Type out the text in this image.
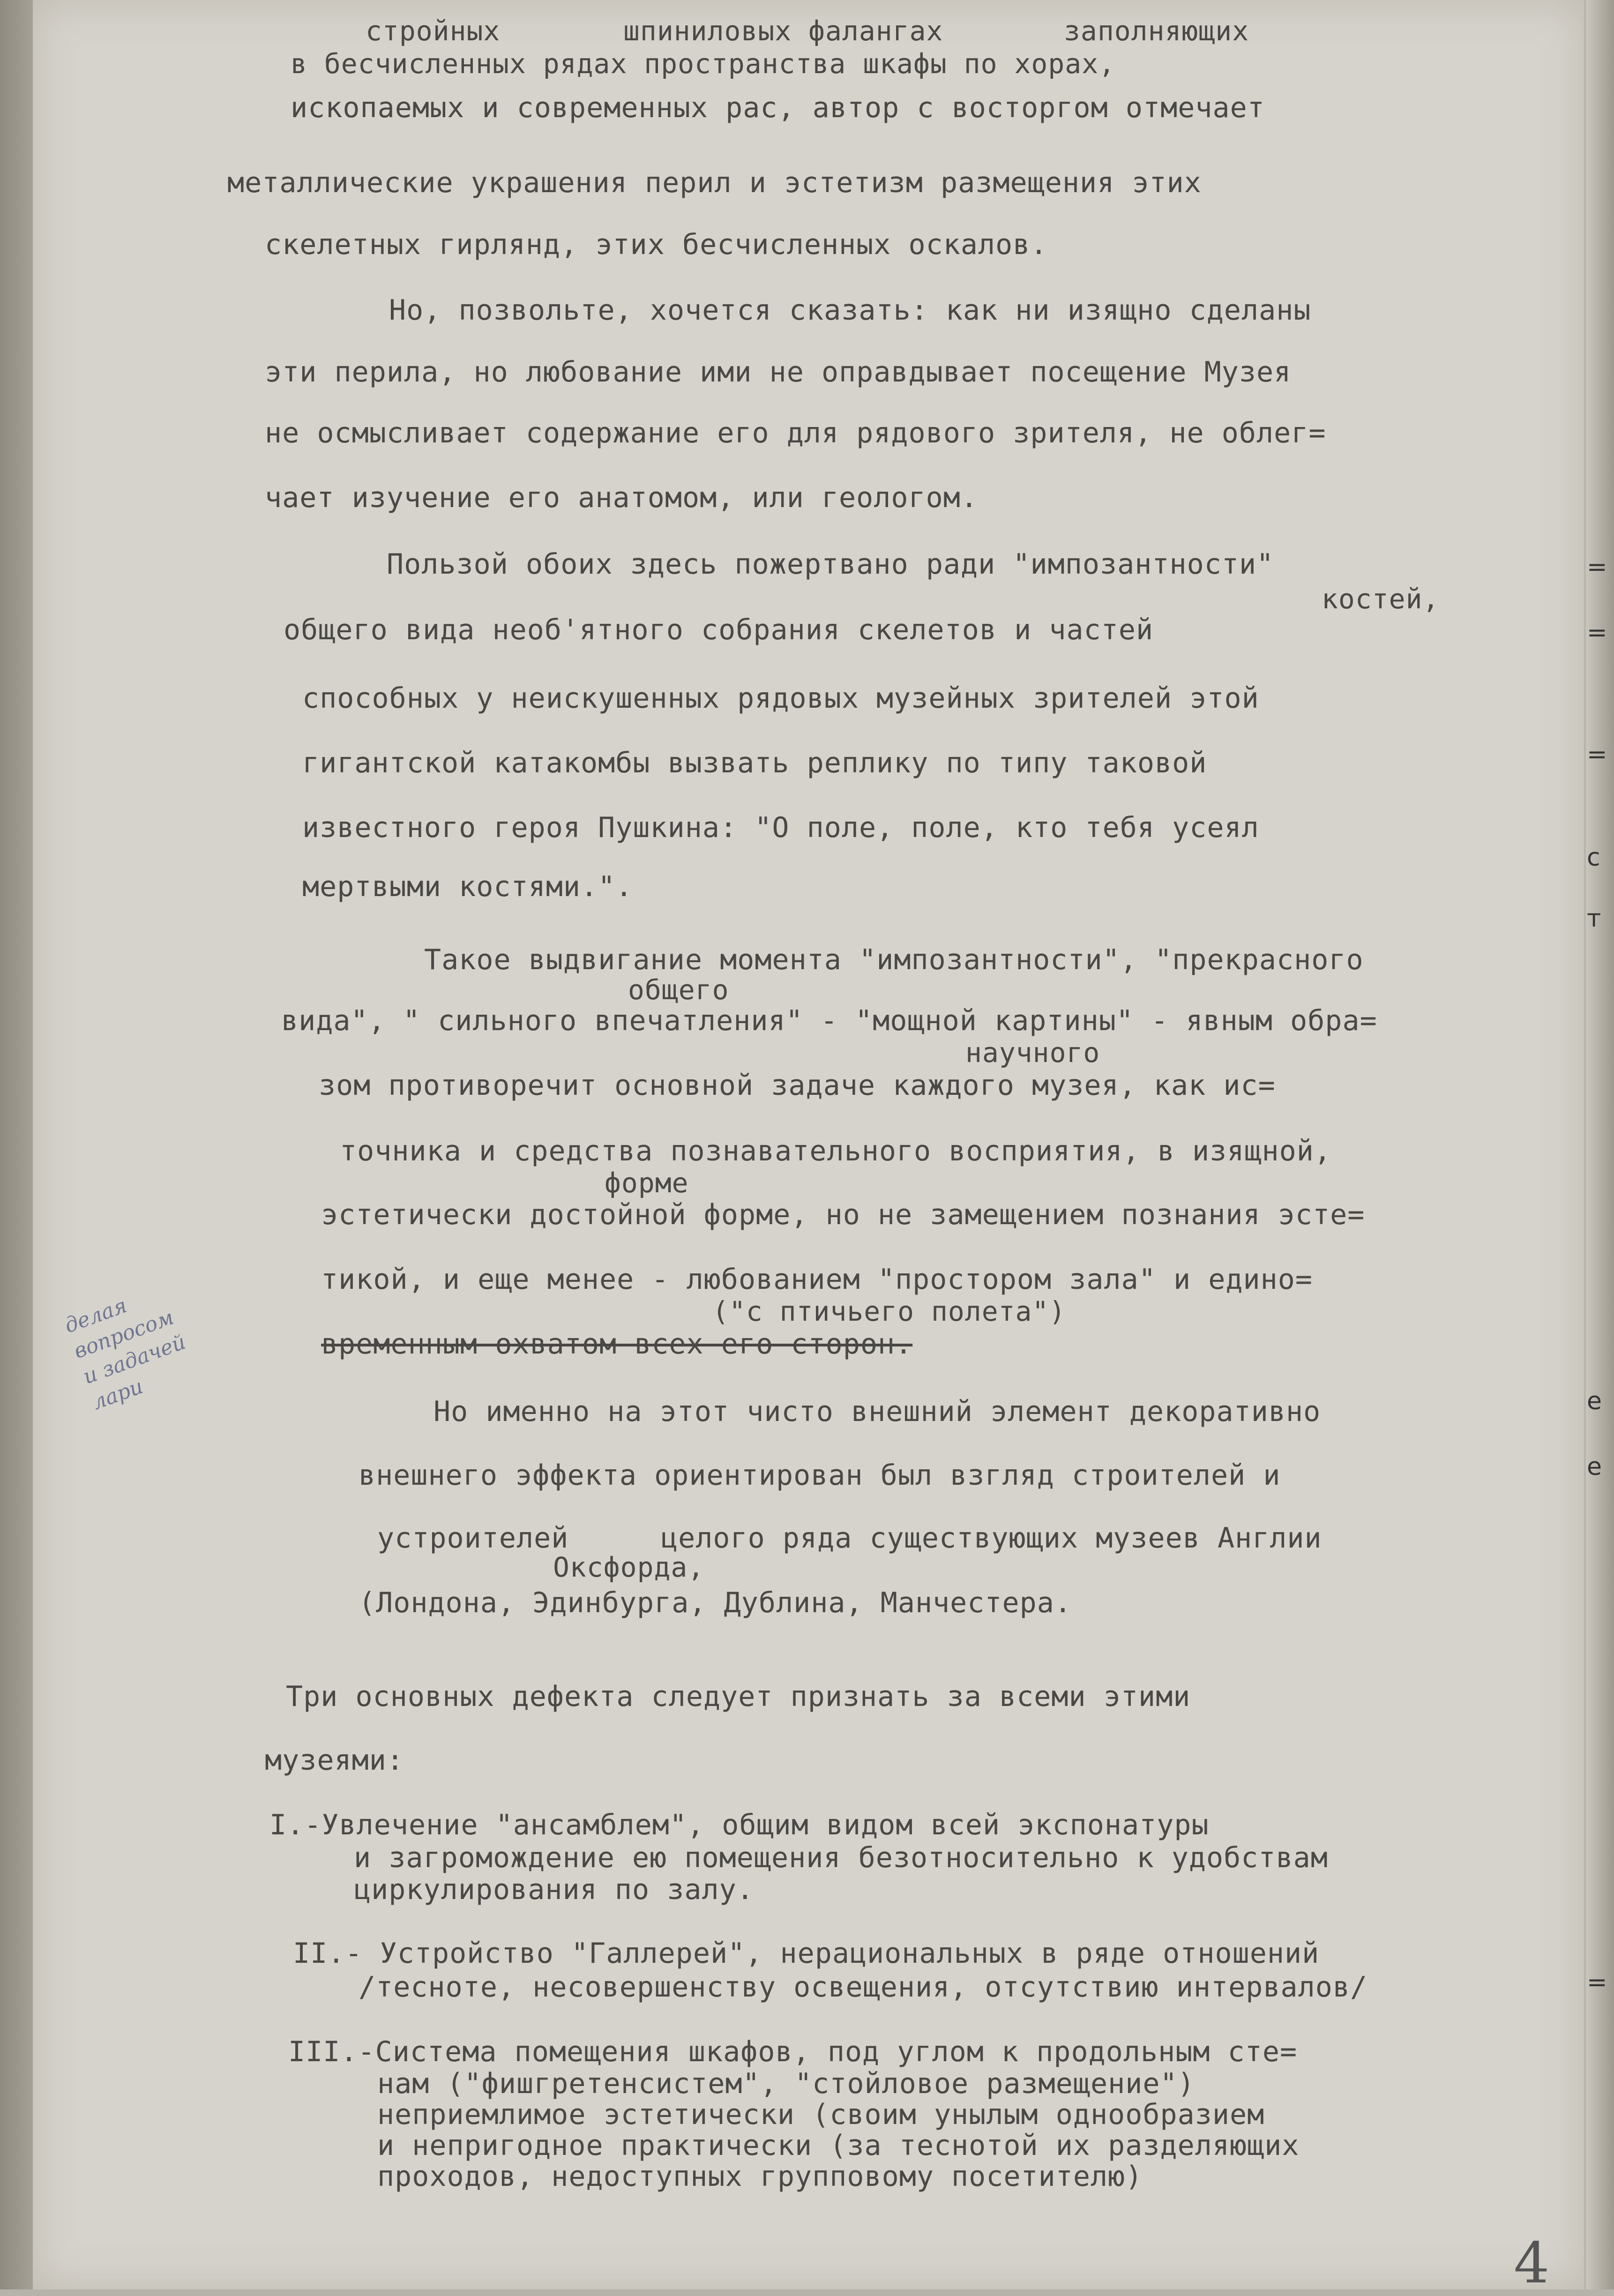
стройных	шпиниловых фалангах	заполняющих

в бесчисленных рядах пространства шкафы по хорах,

ископаемых и современных рас, автор с восторгом отмечает

металлические украшения перил и эстетизм размещения этих

скелетных гирлянд, этих бесчисленных оскалов.

Но, позвольте, хочется сказать: как ни изящно сделаны

эти перила, но любование ими не оправдывает посещение Музея

не осмысливает содержание его для рядового зрителя, не облег=

чает изучение его анатомом, или геологом.

Пользой обоих здесь пожертвано ради "импозантности"

костей,

общего вида необ'ятного собрания скелетов и частей

способных у неискушенных рядовых музейных зрителей этой

гигантской катакомбы вызвать реплику по типу таковой

известного героя Пушкина: "О поле, поле, кто тебя усеял

мертвыми костями.".

Такое выдвигание момента "импозантности", "прекрасного

общего

вида", " сильного впечатления" - "мощной картины" - явным обра=

научного

зом противоречит основной задаче каждого музея, как ис=

точника и средства познавательного восприятия, в изящной,

форме

эстетически достойной форме, но не замещением познания эсте=

тикой, и еще менее - любованием "простором зала" и едино=

("с птичьего полета")

временным охватом всех его сторон.

Но именно на этот чисто внешний элемент декоративно

внешнего эффекта ориентирован был взгляд строителей и

устроителей	целого ряда существующих музеев Англии

Оксфорда,

(Лондона, Эдинбурга, Дублина, Манчестера.

Три основных дефекта следует признать за всеми этими

музеями:

I.-Увлечение "ансамблем", общим видом всей экспонатуры

и загромождение ею помещения безотносительно к удобствам

циркулирования по залу.

II.- Устройство "Галлерей", нерациональных в ряде отношений

/тесноте, несовершенству освещения, отсутствию интервалов/

III.-Система помещения шкафов, под углом к продольным сте=

нам ("фишгретенсистем", "стойловое размещение")

неприемлимое эстетически (своим унылым однообразием

и непригодное практически (за теснотой их разделяющих

проходов, недоступных групповому посетителю)

делая
вопросом
и задачей
лари

4

=
=
=
с
т
е
е
=
